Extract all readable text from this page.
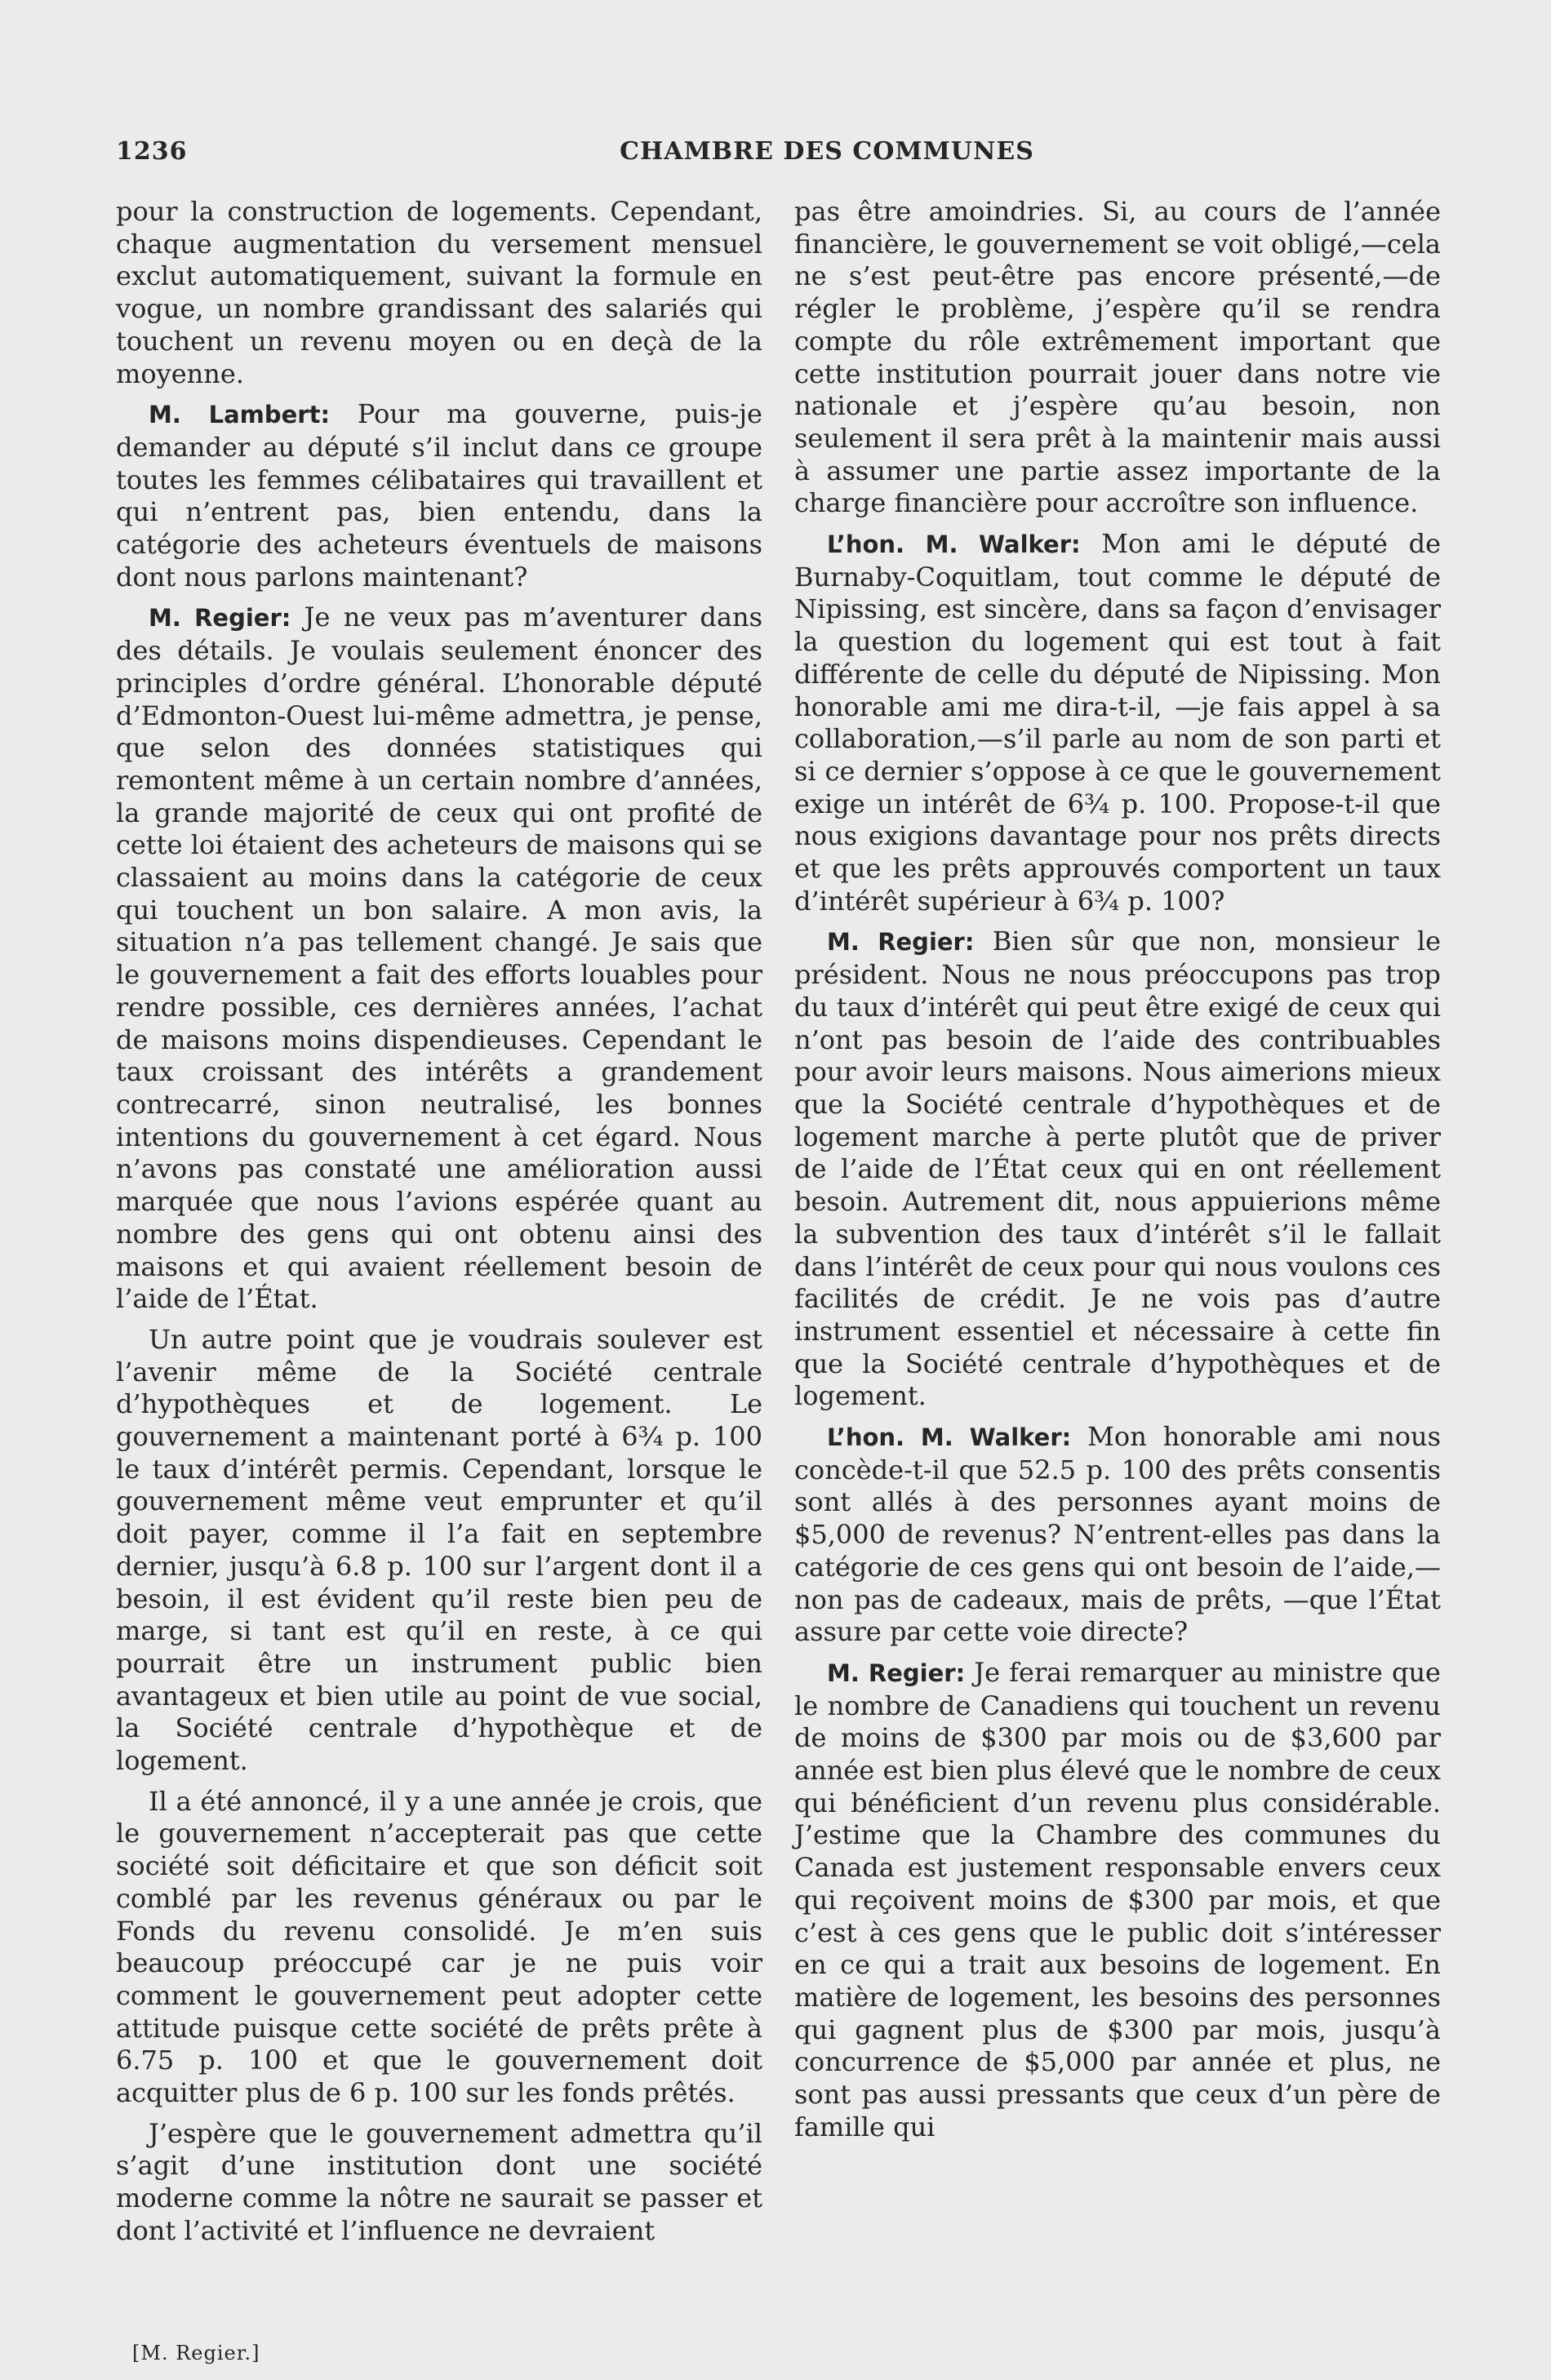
1236	CHAMBRE DES COMMUNES

pour la construction de logements. Cependant, chaque augmentation du versement mensuel exclut automatiquement, suivant la formule en vogue, un nombre grandissant des salariés qui touchent un revenu moyen ou en deçà de la moyenne.

M. Lambert: Pour ma gouverne, puis-je demander au député s’il inclut dans ce groupe toutes les femmes célibataires qui travaillent et qui n’entrent pas, bien entendu, dans la catégorie des acheteurs éventuels de maisons dont nous parlons maintenant?

M. Regier: Je ne veux pas m’aventurer dans des détails. Je voulais seulement énoncer des principles d’ordre général. L’honorable député d’Edmonton-Ouest lui-même admettra, je pense, que selon des données statistiques qui remontent même à un certain nombre d’années, la grande majorité de ceux qui ont profité de cette loi étaient des acheteurs de maisons qui se classaient au moins dans la catégorie de ceux qui touchent un bon salaire. A mon avis, la situation n’a pas tellement changé. Je sais que le gouvernement a fait des efforts louables pour rendre possible, ces dernières années, l’achat de maisons moins dispendieuses. Cependant le taux croissant des intérêts a grandement contrecarré, sinon neutralisé, les bonnes intentions du gouvernement à cet égard. Nous n’avons pas constaté une amélioration aussi marquée que nous l’avions espérée quant au nombre des gens qui ont obtenu ainsi des maisons et qui avaient réellement besoin de l’aide de l’État.

Un autre point que je voudrais soulever est l’avenir même de la Société centrale d’hypothèques et de logement. Le gouvernement a maintenant porté à 6¾ p. 100 le taux d’intérêt permis. Cependant, lorsque le gouvernement même veut emprunter et qu’il doit payer, comme il l’a fait en septembre dernier, jusqu’à 6.8 p. 100 sur l’argent dont il a besoin, il est évident qu’il reste bien peu de marge, si tant est qu’il en reste, à ce qui pourrait être un instrument public bien avantageux et bien utile au point de vue social, la Société centrale d’hypothèque et de logement.

Il a été annoncé, il y a une année je crois, que le gouvernement n’accepterait pas que cette société soit déficitaire et que son déficit soit comblé par les revenus généraux ou par le Fonds du revenu consolidé. Je m’en suis beaucoup préoccupé car je ne puis voir comment le gouvernement peut adopter cette attitude puisque cette société de prêts prête à 6.75 p. 100 et que le gouvernement doit acquitter plus de 6 p. 100 sur les fonds prêtés.

J’espère que le gouvernement admettra qu’il s’agit d’une institution dont une société moderne comme la nôtre ne saurait se passer et dont l’activité et l’influence ne devraient

pas être amoindries. Si, au cours de l’année financière, le gouvernement se voit obligé,—cela ne s’est peut-être pas encore présenté,—de régler le problème, j’espère qu’il se rendra compte du rôle extrêmement important que cette institution pourrait jouer dans notre vie nationale et j’espère qu’au besoin, non seulement il sera prêt à la maintenir mais aussi à assumer une partie assez importante de la charge financière pour accroître son influence.

L’hon. M. Walker: Mon ami le député de Burnaby-Coquitlam, tout comme le député de Nipissing, est sincère, dans sa façon d’envisager la question du logement qui est tout à fait différente de celle du député de Nipissing. Mon honorable ami me dira-t-il, —je fais appel à sa collaboration,—s’il parle au nom de son parti et si ce dernier s’oppose à ce que le gouvernement exige un intérêt de 6¾ p. 100. Propose-t-il que nous exigions davantage pour nos prêts directs et que les prêts approuvés comportent un taux d’intérêt supérieur à 6¾ p. 100?

M. Regier: Bien sûr que non, monsieur le président. Nous ne nous préoccupons pas trop du taux d’intérêt qui peut être exigé de ceux qui n’ont pas besoin de l’aide des contribuables pour avoir leurs maisons. Nous aimerions mieux que la Société centrale d’hypothèques et de logement marche à perte plutôt que de priver de l’aide de l’État ceux qui en ont réellement besoin. Autrement dit, nous appuierions même la subvention des taux d’intérêt s’il le fallait dans l’intérêt de ceux pour qui nous voulons ces facilités de crédit. Je ne vois pas d’autre instrument essentiel et nécessaire à cette fin que la Société centrale d’hypothèques et de logement.

L’hon. M. Walker: Mon honorable ami nous concède-t-il que 52.5 p. 100 des prêts consentis sont allés à des personnes ayant moins de $5,000 de revenus? N’entrent-elles pas dans la catégorie de ces gens qui ont besoin de l’aide,—non pas de cadeaux, mais de prêts, —que l’État assure par cette voie directe?

M. Regier: Je ferai remarquer au ministre que le nombre de Canadiens qui touchent un revenu de moins de $300 par mois ou de $3,600 par année est bien plus élevé que le nombre de ceux qui bénéficient d’un revenu plus considérable. J’estime que la Chambre des communes du Canada est justement responsable envers ceux qui reçoivent moins de $300 par mois, et que c’est à ces gens que le public doit s’intéresser en ce qui a trait aux besoins de logement. En matière de logement, les besoins des personnes qui gagnent plus de $300 par mois, jusqu’à concurrence de $5,000 par année et plus, ne sont pas aussi pressants que ceux d’un père de famille qui

[M. Regier.]
